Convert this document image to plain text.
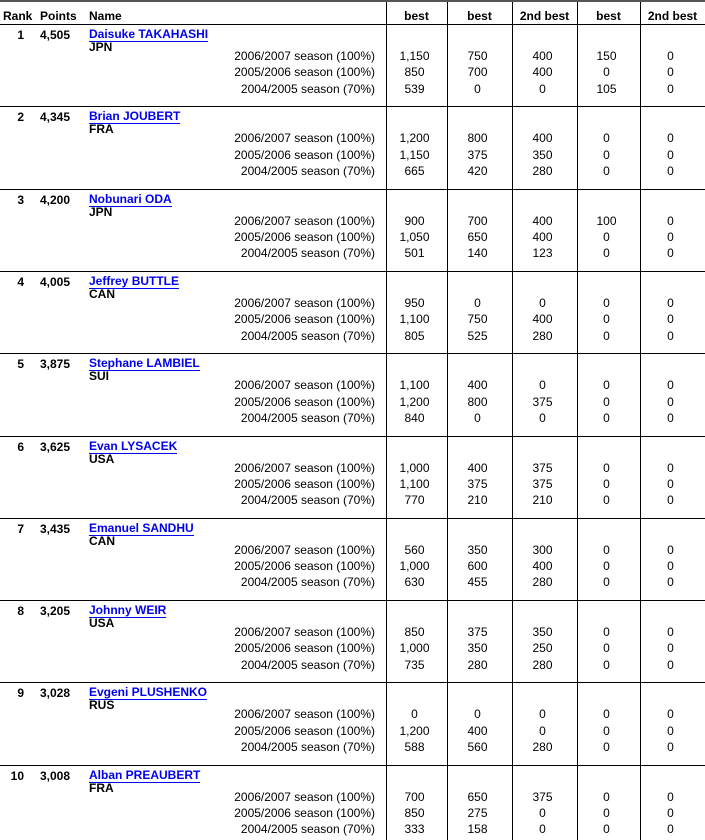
Rank Points Name	best	best	2nd best	best	2nd best
1 4,505 Daisuke TAKAHASHI
JPN
2006/2007 season (100%)	1,150	750	400	150	0
2005/2006 season (100%)	850	700	400	0	0
2004/2005 season (70%)	539	0	0	105	0
2 4,345 Brian JOUBERT
FRA
2006/2007 season (100%)	1,200	800	400	0	0
2005/2006 season (100%)	1,150	375	350	0	0
2004/2005 season (70%)	665	420	280	0	0
3 4,200 Nobunari ODA
JPN
2006/2007 season (100%)	900	700	400	100	0
2005/2006 season (100%)	1,050	650	400	0	0
2004/2005 season (70%)	501	140	123	0	0
4 4,005 Jeffrey BUTTLE
CAN
2006/2007 season (100%)	950	0	0	0	0
2005/2006 season (100%)	1,100	750	400	0	0
2004/2005 season (70%)	805	525	280	0	0
5 3,875 Stephane LAMBIEL
SUI
2006/2007 season (100%)	1,100	400	0	0	0
2005/2006 season (100%)	1,200	800	375	0	0
2004/2005 season (70%)	840	0	0	0	0
6 3,625 Evan LYSACEK
USA
2006/2007 season (100%)	1,000	400	375	0	0
2005/2006 season (100%)	1,100	375	375	0	0
2004/2005 season (70%)	770	210	210	0	0
7 3,435 Emanuel SANDHU
CAN
2006/2007 season (100%)	560	350	300	0	0
2005/2006 season (100%)	1,000	600	400	0	0
2004/2005 season (70%)	630	455	280	0	0
8 3,205 Johnny WEIR
USA
2006/2007 season (100%)	850	375	350	0	0
2005/2006 season (100%)	1,000	350	250	0	0
2004/2005 season (70%)	735	280	280	0	0
9 3,028 Evgeni PLUSHENKO
RUS
2006/2007 season (100%)	0	0	0	0	0
2005/2006 season (100%)	1,200	400	0	0	0
2004/2005 season (70%)	588	560	280	0	0
10 3,008 Alban PREAUBERT
FRA
2006/2007 season (100%)	700	650	375	0	0
2005/2006 season (100%)	850	275	0	0	0
2004/2005 season (70%)	333	158	0	0	0
